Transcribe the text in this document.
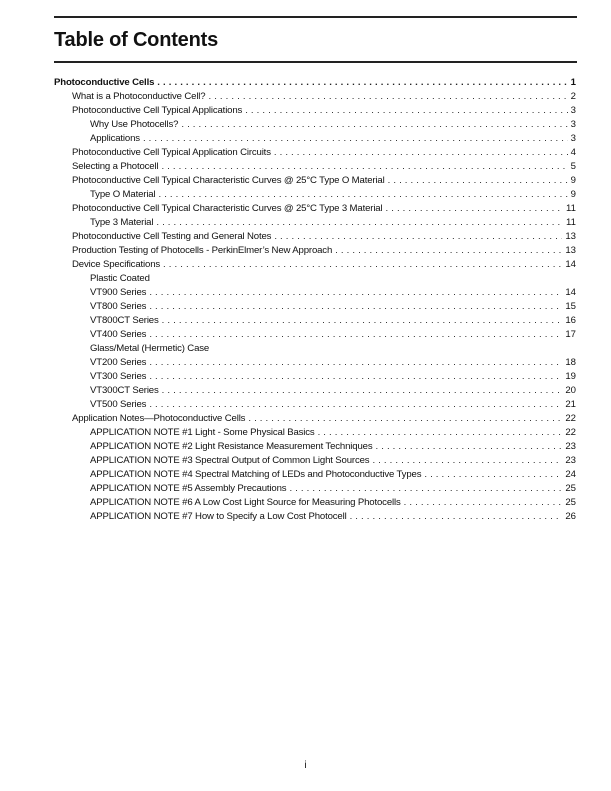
Table of Contents
Photoconductive Cells . . .	1
What is a Photoconductive Cell? . . .	2
Photoconductive Cell Typical Applications . . .	3
Why Use Photocells? . . .	3
Applications . . .	3
Photoconductive Cell Typical Application Circuits . . .	4
Selecting a Photocell . . .	5
Photoconductive Cell Typical Characteristic Curves @ 25°C Type O Material . . .	9
Type O Material . . .	9
Photoconductive Cell Typical Characteristic Curves @ 25°C Type 3 Material . . .	11
Type 3 Material . . .	11
Photoconductive Cell Testing and General Notes . . .	13
Production Testing of Photocells - PerkinElmer’s New Approach . . .	13
Device Specifications . . .	14
Plastic Coated
VT900 Series . . .	14
VT800 Series . . .	15
VT800CT Series . . .	16
VT400 Series . . .	17
Glass/Metal (Hermetic) Case
VT200 Series . . .	18
VT300 Series . . .	19
VT300CT Series . . .	20
VT500 Series . . .	21
Application Notes—Photoconductive Cells . . .	22
APPLICATION NOTE #1 Light - Some Physical Basics . . .	22
APPLICATION NOTE #2 Light Resistance Measurement Techniques . . .	23
APPLICATION NOTE #3 Spectral Output of Common Light Sources . . .	23
APPLICATION NOTE #4 Spectral Matching of LEDs and Photoconductive Types . . .	24
APPLICATION NOTE #5 Assembly Precautions . . .	25
APPLICATION NOTE #6 A Low Cost Light Source for Measuring Photocells . . .	25
APPLICATION NOTE #7 How to Specify a Low Cost Photocell . . .	26
i
